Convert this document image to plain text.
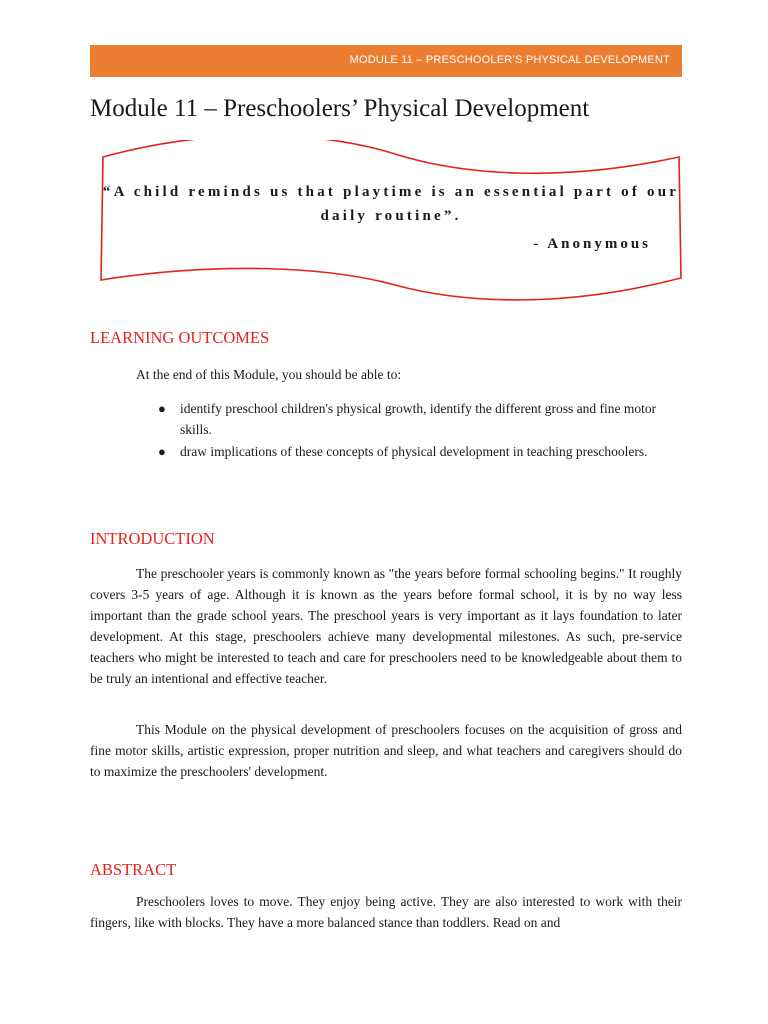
MODULE 11 – PRESCHOOLER’S PHYSICAL DEVELOPMENT
Module 11 – Preschoolers’ Physical Development
“A child reminds us that playtime is an essential part of our daily routine”.
- Anonymous
LEARNING OUTCOMES
At the end of this Module, you should be able to:
● identify preschool children's physical growth, identify the different gross and fine motor skills.
● draw implications of these concepts of physical development in teaching preschoolers.
INTRODUCTION

The preschooler years is commonly known as "the years before formal schooling begins." It roughly covers 3-5 years of age. Although it is known as the years before formal school, it is by no way less important than the grade school years. The preschool years is very important as it lays foundation to later development. At this stage, preschoolers achieve many developmental milestones. As such, pre-service teachers who might be interested to teach and care for preschoolers need to be knowledgeable about them to be truly an intentional and effective teacher.

This Module on the physical development of preschoolers focuses on the acquisition of gross and fine motor skills, artistic expression, proper nutrition and sleep, and what teachers and caregivers should do to maximize the preschoolers' development.

ABSTRACT

Preschoolers loves to move. They enjoy being active. They are also interested to work with their fingers, like with blocks. They have a more balanced stance than toddlers. Read on and
